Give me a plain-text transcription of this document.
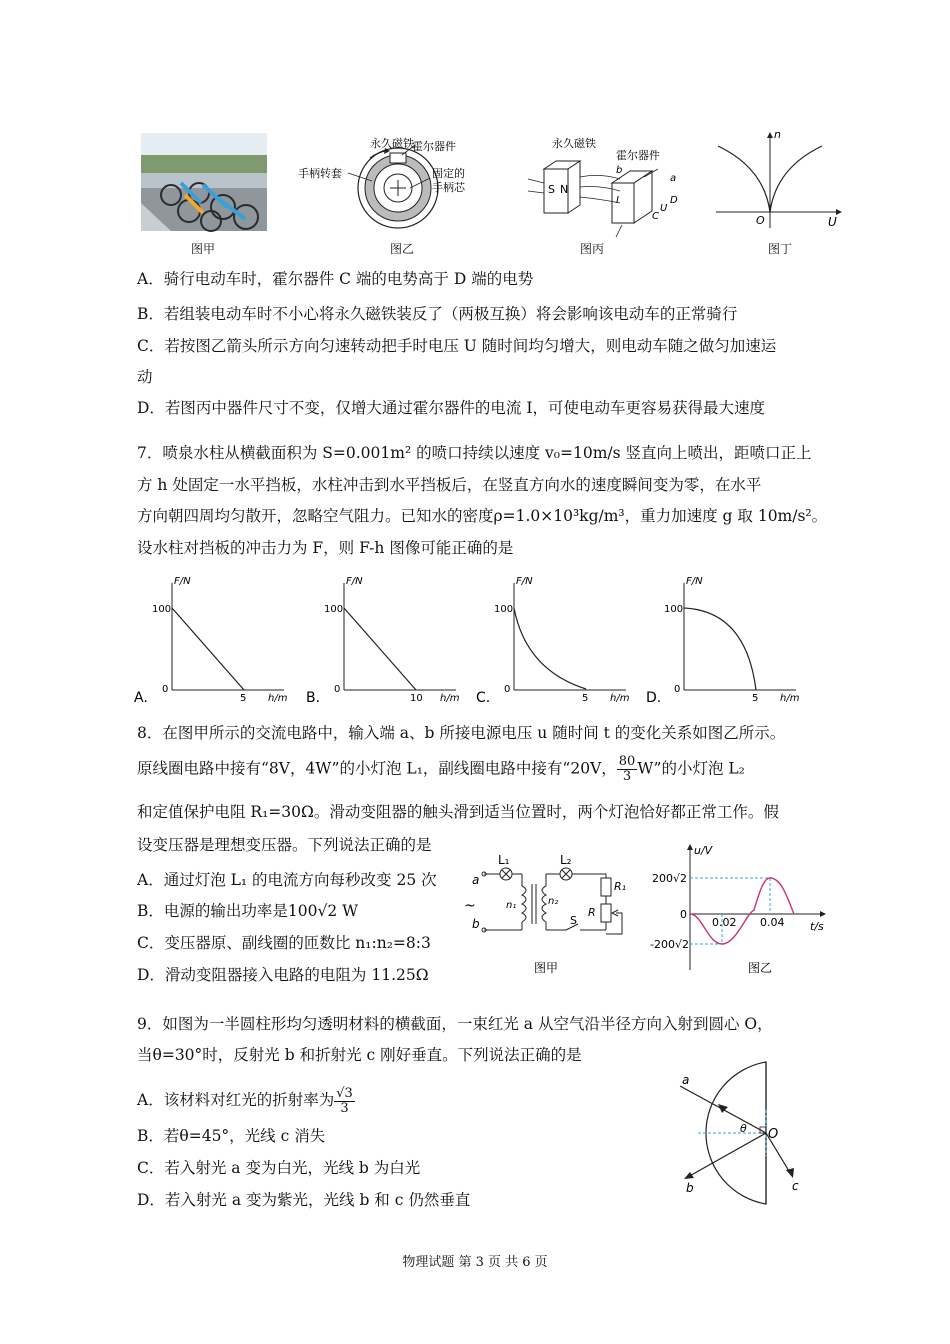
图甲
永久磁铁
霍尔器件
手柄转套	固定的
手柄芯
图乙
永久磁铁
霍尔器件
S N
a
b
C
D
U
I
图丙
n
U
O
图丁
A．骑行电动车时，霍尔器件 C 端的电势高于 D 端的电势
B．若组装电动车时不小心将永久磁铁装反了（两极互换）将会影响该电动车的正常骑行
C．若按图乙箭头所示方向匀速转动把手时电压 U 随时间均匀增大，则电动车随之做匀加速运
动
D．若图丙中器件尺寸不变，仅增大通过霍尔器件的电流 I，可使电动车更容易获得最大速度
7．喷泉水柱从横截面积为 S=0.001m² 的喷口持续以速度 v₀=10m/s 竖直向上喷出，距喷口正上
方 h 处固定一水平挡板，水柱冲击到水平挡板后，在竖直方向水的速度瞬间变为零，在水平
方向朝四周均匀散开，忽略空气阻力。已知水的密度ρ=1.0×10³kg/m³，重力加速度 g 取 10m/s²。
设水柱对挡板的冲击力为 F，则 F-h 图像可能正确的是
F/N
100
0
5 h/m
A.
F/N
100
0
10 h/m
B.
F/N
100
0
5 h/m
C.
F/N
100
0
5 h/m
D.
8．在图甲所示的交流电路中，输入端 a、b 所接电源电压 u 随时间 t 的变化关系如图乙所示。
原线圈电路中接有“8V，4W”的小灯泡 L₁，副线圈电路中接有“20V， $\frac{80}{3} W$”的小灯泡 L₂
和定值保护电阻 R₁=30Ω。滑动变阻器的触头滑到适当位置时，两个灯泡恰好都正常工作。假
设变压器是理想变压器。下列说法正确的是
A．通过灯泡 L₁ 的电流方向每秒改变 25 次
B．电源的输出功率是100√2 W
C．变压器原、副线圈的匝数比 n₁:n₂=8:3
D．滑动变阻器接入电路的电阻为 11.25Ω
L₁	L₂
a
b
~	n₁	n₂
S
R₁
R
图甲
u/V
t/s
200√2
-200√2
0
0.02 0.04
图乙
9．如图为一半圆柱形均匀透明材料的横截面，一束红光 a 从空气沿半径方向入射到圆心 O，
当θ=30°时，反射光 b 和折射光 c 刚好垂直。下列说法正确的是
A．该材料对红光的折射率为 $\frac{√3}{3}$
B．若θ=45°，光线 c 消失
C．若入射光 a 变为白光，光线 b 为白光
D．若入射光 a 变为紫光，光线 b 和 c 仍然垂直
a
b	c
O
θ
物理试题 第 3 页 共 6 页
